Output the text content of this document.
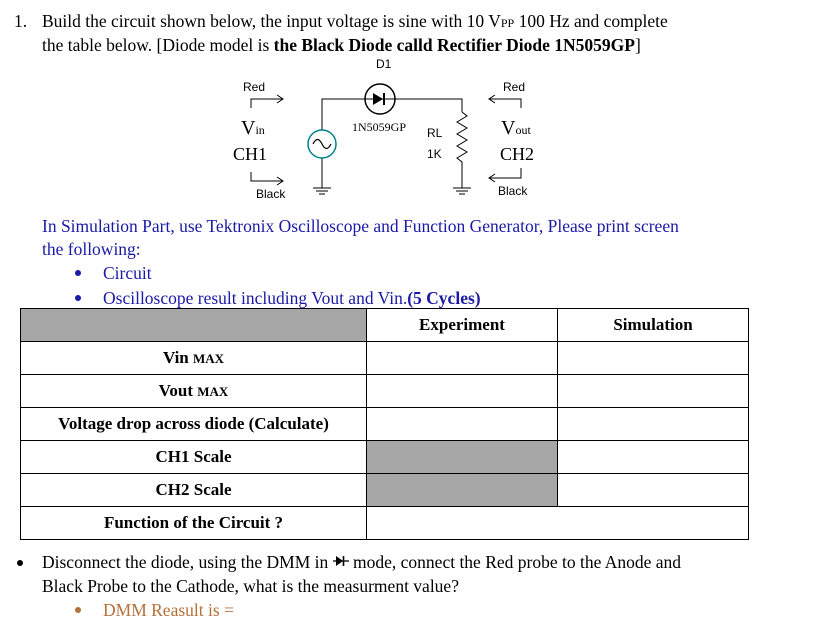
1. Build the circuit shown below, the input voltage is sine with 10 VPP 100 Hz and complete
the table below. [Diode model is the Black Diode calld Rectifier Diode 1N5059GP]
D1
1N5059GP RL
1K
Red
Black
Red
Black
Vin
CH1
Vout
CH2
In Simulation Part, use Tektronix Oscilloscope and Function Generator, Please print screen
the following:
Circuit
Oscilloscope result including Vout and Vin.(5 Cycles)
	Experiment	Simulation
Vin MAX		
Vout MAX		
Voltage drop across diode (Calculate)		
CH1 Scale		
CH2 Scale		
Function of the Circuit ?		
Disconnect the diode, using the DMM in  mode, connect the Red probe to the Anode and
Black Probe to the Cathode, what is the measurment value?
DMM Reasult is =
